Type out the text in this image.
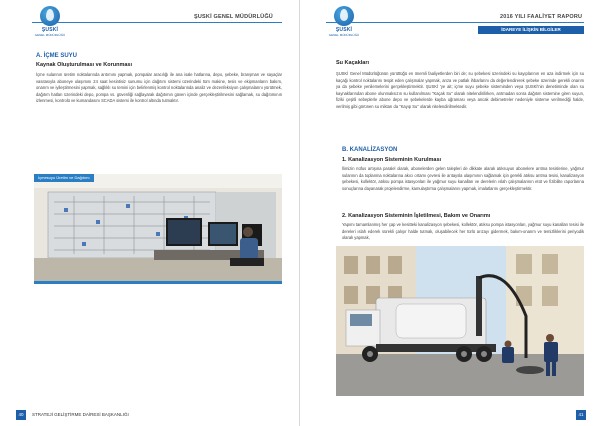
ŞUSKİ
GENEL MÜDÜRLÜĞÜ
ŞUSKİ GENEL MÜDÜRLÜĞÜ
A. İÇME SUYU
Kaynak Oluşturulması ve Korunması
İçme sularının üretim noktalarında arıtımını yapmak, pompalar aracılığı ile ana isale hatlarına, depo, şebeke, branşman ve sayaçlar vasıtasıyla aboneye ulaşımını 24 saat kesintisiz sunumu için dağıtım sistemi üzerindeki tüm makine, tesis ve ekipmanların bakım, onarım ve iyileştirmesini yapmak, sağlıklı su temini için belirlenmiş kontrol noktalarında analiz ve dezenfeksiyon çalışmalarını yürütmek, dağıtım hatları üzerindeki depo, pompa vs. güvenliği sağlayarak dağıtımın güven içinde gerçekleştirilmesini sağlamak, su dağıtımının izlenmesi, kontrolü ve kumandasını SCADA sistemi ile kontrol altında tutmaktır.
İçmesuyu Üretim ve Dağıtımı
40	STRATEJİ GELİŞTİRME DAİRESİ BAŞKANLIĞI
ŞUSKİ
GENEL MÜDÜRLÜĞÜ
2016 YILI FAALİYET RAPORU
İDAREYE İLİŞKİN BİLGİLER
Su Kaçakları
ŞUSKİ Genel Müdürlüğünün yürüttüğü en önemli faaliyetlerden biri de; su şebekesi üzerindeki su kayıplarının en aza indirmek için su kaçağı kontrol noktalarını tespit eden çalışmalar yapmak, arıza ve patlak ihbarlarını da değerlendirerek şebeke üzerinde gerekli onarım ya da şebeke yenilemelerini gerçekleştirmektir. ŞUSKİ 'ye ait; içme suyu şebeke sisteminden veya ŞUSKİ'nin denetiminde olan su kaynaklarından abone olunmaksızın su kullanılması "Kaçak Su" olarak nitelendirilirken, arıtmadan sonra dağıtım sistemine giren suyun, fiziki çeşitli sebeplerle abone depo ve şebekelerde kayba uğraması veya ancak debimetreler nedeniyle sisteme verilmediği halde, verilmiş gibi görünen su miktarı da "Kayıp Su" olarak nitelendirilmektedir.
B. KANALİZASYON
1. Kanalizasyon Sisteminin Kurulması
İlimizin nüfus artışına paralel olarak, abonelerden gelen talepleri de dikkate alarak atıksuyun abonelere arıtma tesislerine, yağmur sularının da toplanma noktalarına akıcı ortamı çevresi ile arıtaysla ulaşımının sağlamak için gerekli atıksu arıtma tesisi, kanalizasyon şebekesi, kollektör, atıksu pompa istasyonları ile yağmur suyu kanalları ve derelerin ıslah çalışmalarının etüt ve fizibilite raporlarına sonuçlarına dayanarak projelendirme, kamulaştırma çalışmalarını yapmak, imalatlarını gerçekleştirmektir.
2. Kanalizasyon Sisteminin İşletilmesi, Bakım ve Onarımı
Yapımı tamamlanmış her çap ve kesitteki kanalizasyon şebekesi, kollektör, atıksu pompa istasyonları, yağmur suyu kanalları tesisi ile dereleri ıslah ederek sürekli çalışır halde tutmak, oluşabilecek her türlü arızayı gidermek, bakım-onarım ve temizliklerini periyodik olarak yapmak,
41
